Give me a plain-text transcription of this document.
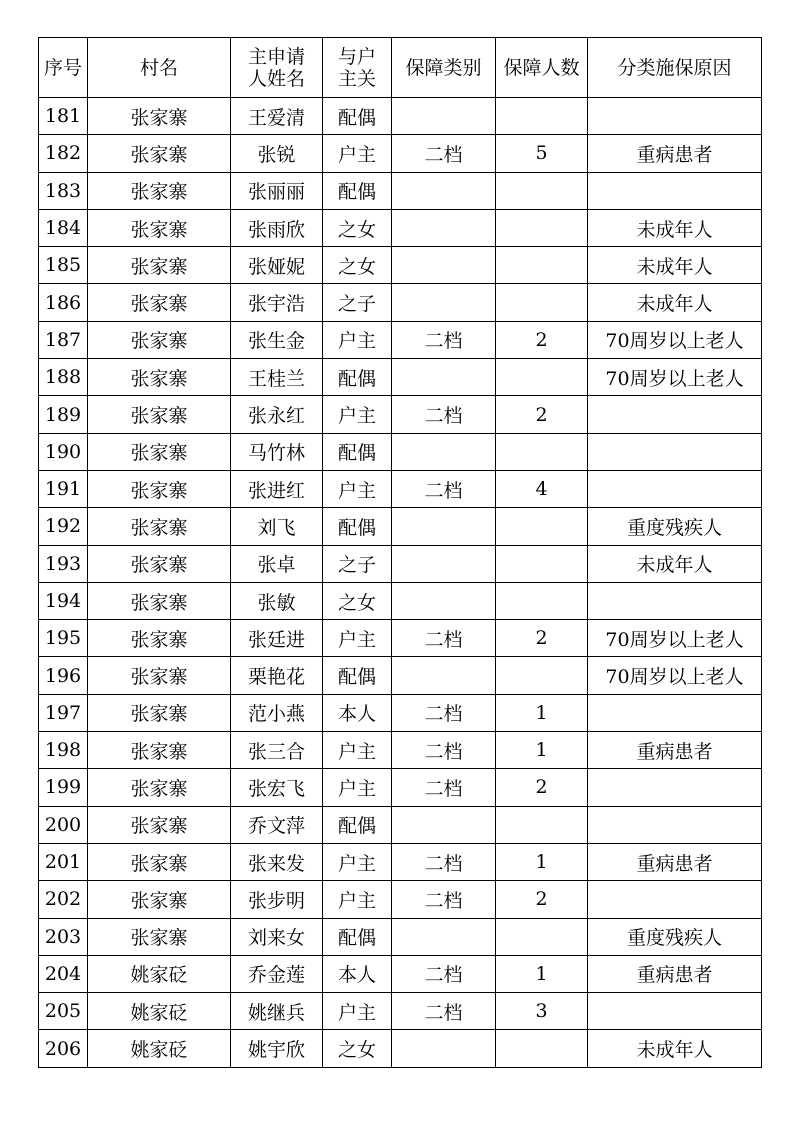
序号	村名	主申请人姓名	与户主关	保障类别	保障人数	分类施保原因
181	张家寨	王爱清	配偶			
182	张家寨	张锐	户主	二档	5	重病患者
183	张家寨	张丽丽	配偶			
184	张家寨	张雨欣	之女			未成年人
185	张家寨	张娅妮	之女			未成年人
186	张家寨	张宇浩	之子			未成年人
187	张家寨	张生金	户主	二档	2	70周岁以上老人
188	张家寨	王桂兰	配偶			70周岁以上老人
189	张家寨	张永红	户主	二档	2	
190	张家寨	马竹林	配偶			
191	张家寨	张进红	户主	二档	4	
192	张家寨	刘飞	配偶			重度残疾人
193	张家寨	张卓	之子			未成年人
194	张家寨	张敏	之女			
195	张家寨	张廷进	户主	二档	2	70周岁以上老人
196	张家寨	栗艳花	配偶			70周岁以上老人
197	张家寨	范小燕	本人	二档	1	
198	张家寨	张三合	户主	二档	1	重病患者
199	张家寨	张宏飞	户主	二档	2	
200	张家寨	乔文萍	配偶			
201	张家寨	张来发	户主	二档	1	重病患者
202	张家寨	张步明	户主	二档	2	
203	张家寨	刘来女	配偶			重度残疾人
204	姚家砭	乔金莲	本人	二档	1	重病患者
205	姚家砭	姚继兵	户主	二档	3	
206	姚家砭	姚宇欣	之女			未成年人
